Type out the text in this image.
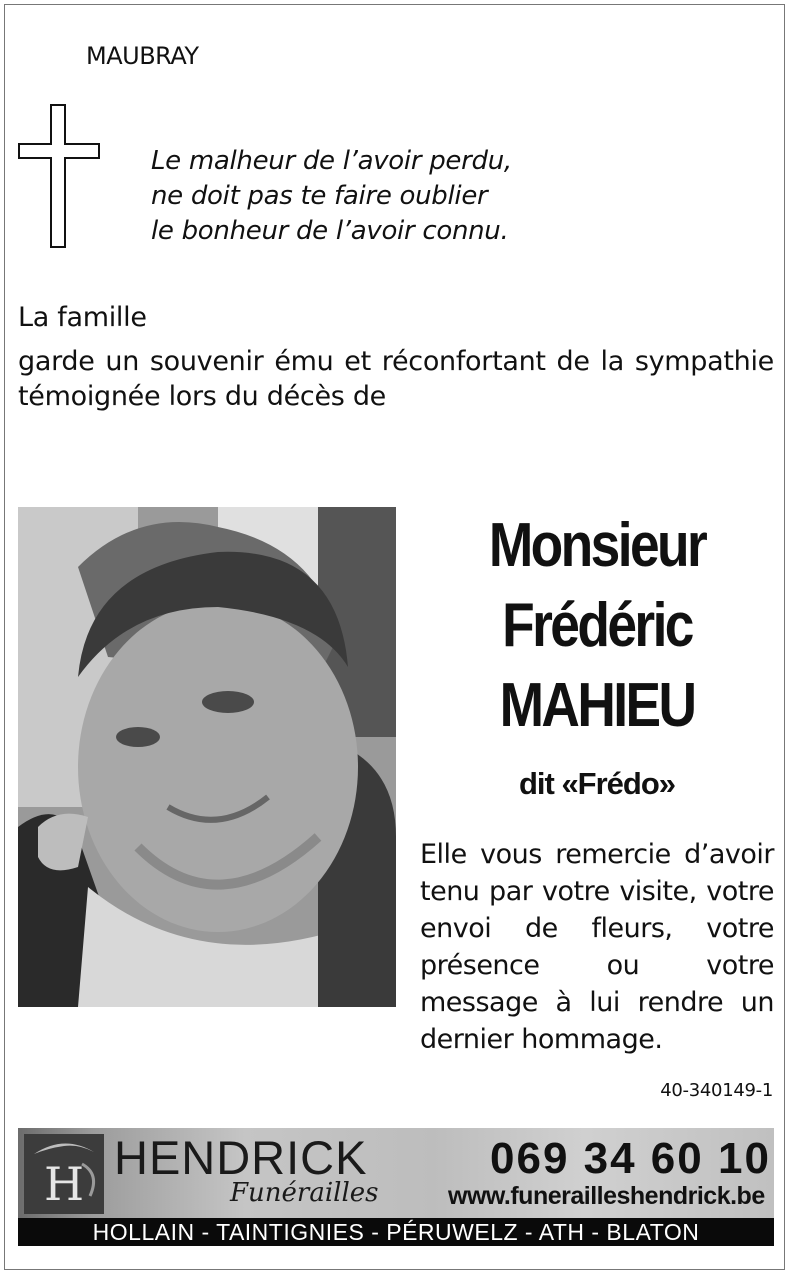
MAUBRAY
Le malheur de l’avoir perdu,
ne doit pas te faire oublier
le bonheur de l’avoir connu.
La famille
garde un souvenir ému et réconfortant de la sympathie témoignée lors du décès de
Monsieur
Frédéric
MAHIEU
dit «Frédo»
Elle vous remercie d’avoir tenu par votre visite, votre envoi de fleurs, votre présence ou votre message à lui rendre un dernier hommage.
40-340149-1
H HENDRICK
Funérailles
069 34 60 10
www.funerailleshendrick.be
HOLLAIN - TAINTIGNIES - PÉRUWELZ - ATH - BLATON
